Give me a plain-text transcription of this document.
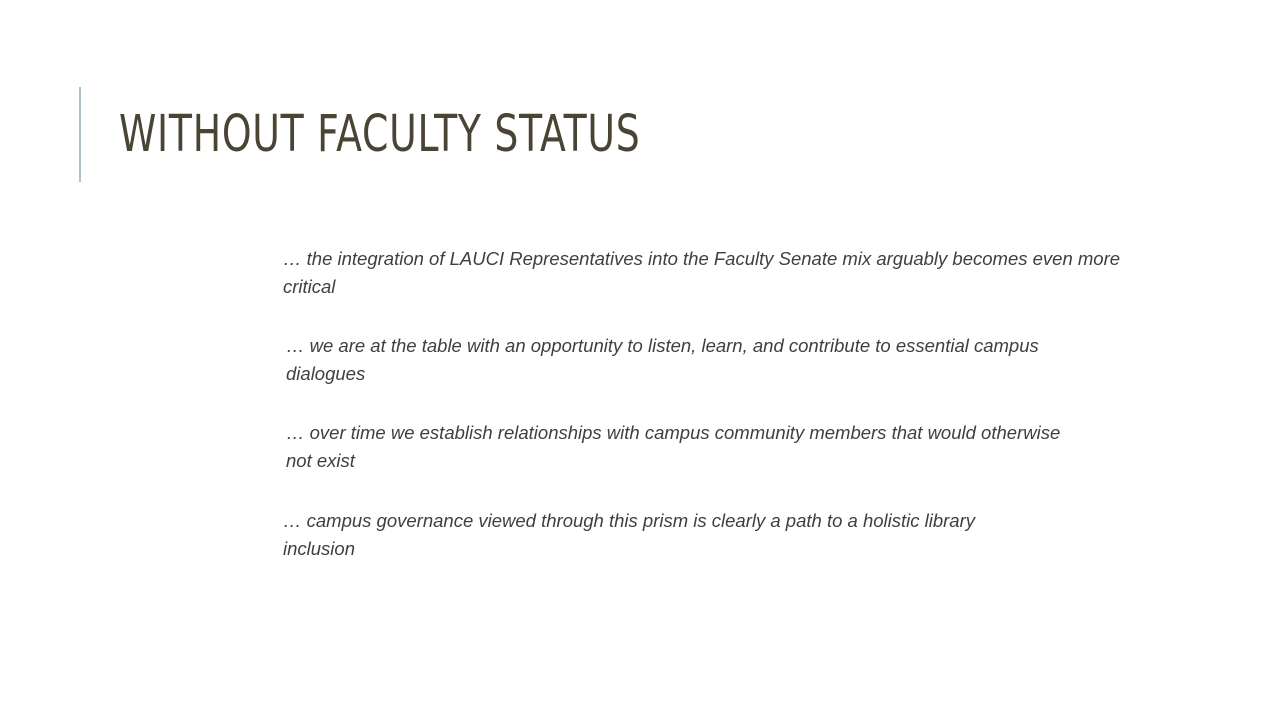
WITHOUT FACULTY STATUS

… the integration of LAUCI Representatives into the Faculty Senate mix arguably becomes even more critical

… we are at the table with an opportunity to listen, learn, and contribute to essential campus dialogues

… over time we establish relationships with campus community members that would otherwise not exist

… campus governance viewed through this prism is clearly a path to a holistic library inclusion
